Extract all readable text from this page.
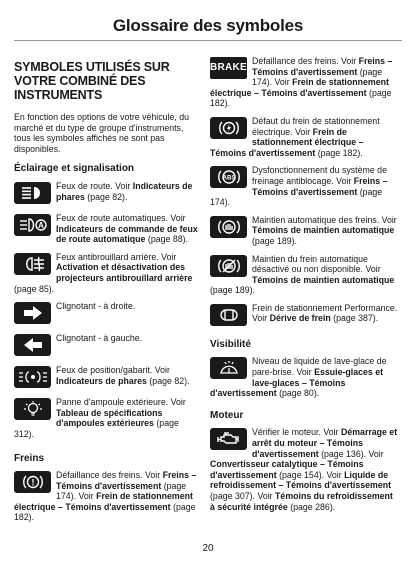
Glossaire des symboles
SYMBOLES UTILISÉS SUR VOTRE COMBINÉ DES INSTRUMENTS
En fonction des options de votre véhicule, du marché et du type de groupe d'instruments, tous les symboles affichés ne sont pas disponibles.
Éclairage et signalisation
Feux de route. Voir Indicateurs de phares (page 82).
A
Feux de route automatiques. Voir Indicateurs de commande de feux de route automatique (page 88).
Feux antibrouillard arrière. Voir Activation et désactivation des projecteurs antibrouillard arrière (page 85).
Clignotant - à droite.
Clignotant - à gauche.
Feux de position/gabarit. Voir Indicateurs de phares (page 82).
Panne d'ampoule extérieure. Voir Tableau de spécifications d'ampoules extérieures (page 312).
Freins
!
Défaillance des freins. Voir Freins – Témoins d'avertissement (page 174). Voir Frein de stationnement électrique – Témoins d'avertissement (page 182).
BRAKE
Défaillance des freins. Voir Freins – Témoins d'avertissement (page 174). Voir Frein de stationnement électrique – Témoins d'avertissement (page 182).
Défaut du frein de stationnement électrique. Voir Frein de stationnement électrique – Témoins d'avertissement (page 182).
ABS
Dysfonctionnement du système de freinage antiblocage. Voir Freins – Témoins d'avertissement (page 174).
Maintien automatique des freins. Voir Témoins de maintien automatique (page 189).
Maintien du frein automatique désactivé ou non disponible. Voir Témoins de maintien automatique (page 189).
Frein de stationnement Performance. Voir Dérive de frein (page 387).
Visibilité
Niveau de liquide de lave-glace de pare-brise. Voir Essuie-glaces et lave-glaces – Témoins d'avertissement (page 80).
Moteur
Vérifier le moteur. Voir Démarrage et arrêt du moteur – Témoins d'avertissement (page 136). Voir Convertisseur catalytique – Témoins d'avertissement (page 154). Voir Liquide de refroidissement – Témoins d'avertissement (page 307). Voir Témoins du refroidissement à sécurité intégrée (page 286).
20
